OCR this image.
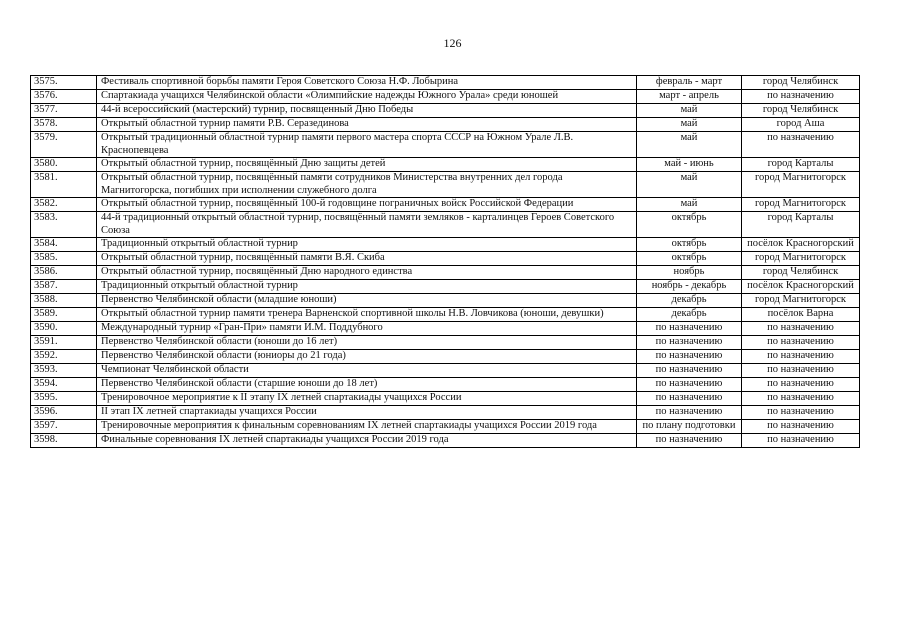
126
3575.	Фестиваль спортивной борьбы памяти Героя Советского Союза Н.Ф. Лобырина	февраль - март	город Челябинск
3576.	Спартакиада учащихся Челябинской области «Олимпийские надежды Южного Урала» среди юношей	март - апрель	по назначению
3577.	44-й всероссийский (мастерский) турнир, посвященный Дню Победы	май	город Челябинск
3578.	Открытый областной турнир памяти Р.В. Серазединова	май	город Аша
3579.	Открытый традиционный областной турнир памяти первого мастера спорта СССР на Южном Урале Л.В. Краснопевцева	май	по назначению
3580.	Открытый областной турнир, посвящённый Дню защиты детей	май - июнь	город Карталы
3581.	Открытый областной турнир, посвящённый памяти сотрудников Министерства внутренних дел города Магнитогорска, погибших при исполнении служебного долга	май	город Магнитогорск
3582.	Открытый областной турнир, посвящённый 100-й годовщине пограничных войск Российской Федерации	май	город Магнитогорск
3583.	44-й традиционный открытый областной турнир, посвящённый памяти земляков - карталинцев Героев Советского Союза	октябрь	город Карталы
3584.	Традиционный открытый областной турнир	октябрь	посёлок Красногорский
3585.	Открытый областной турнир, посвящённый памяти В.Я. Скиба	октябрь	город Магнитогорск
3586.	Открытый областной турнир, посвящённый Дню народного единства	ноябрь	город Челябинск
3587.	Традиционный открытый областной турнир	ноябрь - декабрь	посёлок Красногорский
3588.	Первенство Челябинской области (младшие юноши)	декабрь	город Магнитогорск
3589.	Открытый областной турнир памяти тренера Варненской спортивной школы Н.В. Ловчикова (юноши, девушки)	декабрь	посёлок Варна
3590.	Международный турнир «Гран-При» памяти И.М. Поддубного	по назначению	по назначению
3591.	Первенство Челябинской области (юноши до 16 лет)	по назначению	по назначению
3592.	Первенство Челябинской области (юниоры до 21 года)	по назначению	по назначению
3593.	Чемпионат Челябинской области	по назначению	по назначению
3594.	Первенство Челябинской области (старшие юноши до 18 лет)	по назначению	по назначению
3595.	Тренировочное мероприятие к II этапу IX летней спартакиады учащихся России	по назначению	по назначению
3596.	II этап IX летней спартакиады учащихся России	по назначению	по назначению
3597.	Тренировочные мероприятия к финальным соревнованиям IX летней спартакиады учащихся России 2019 года	по плану подготовки	по назначению
3598.	Финальные соревнования IX летней спартакиады учащихся России 2019 года	по назначению	по назначению
